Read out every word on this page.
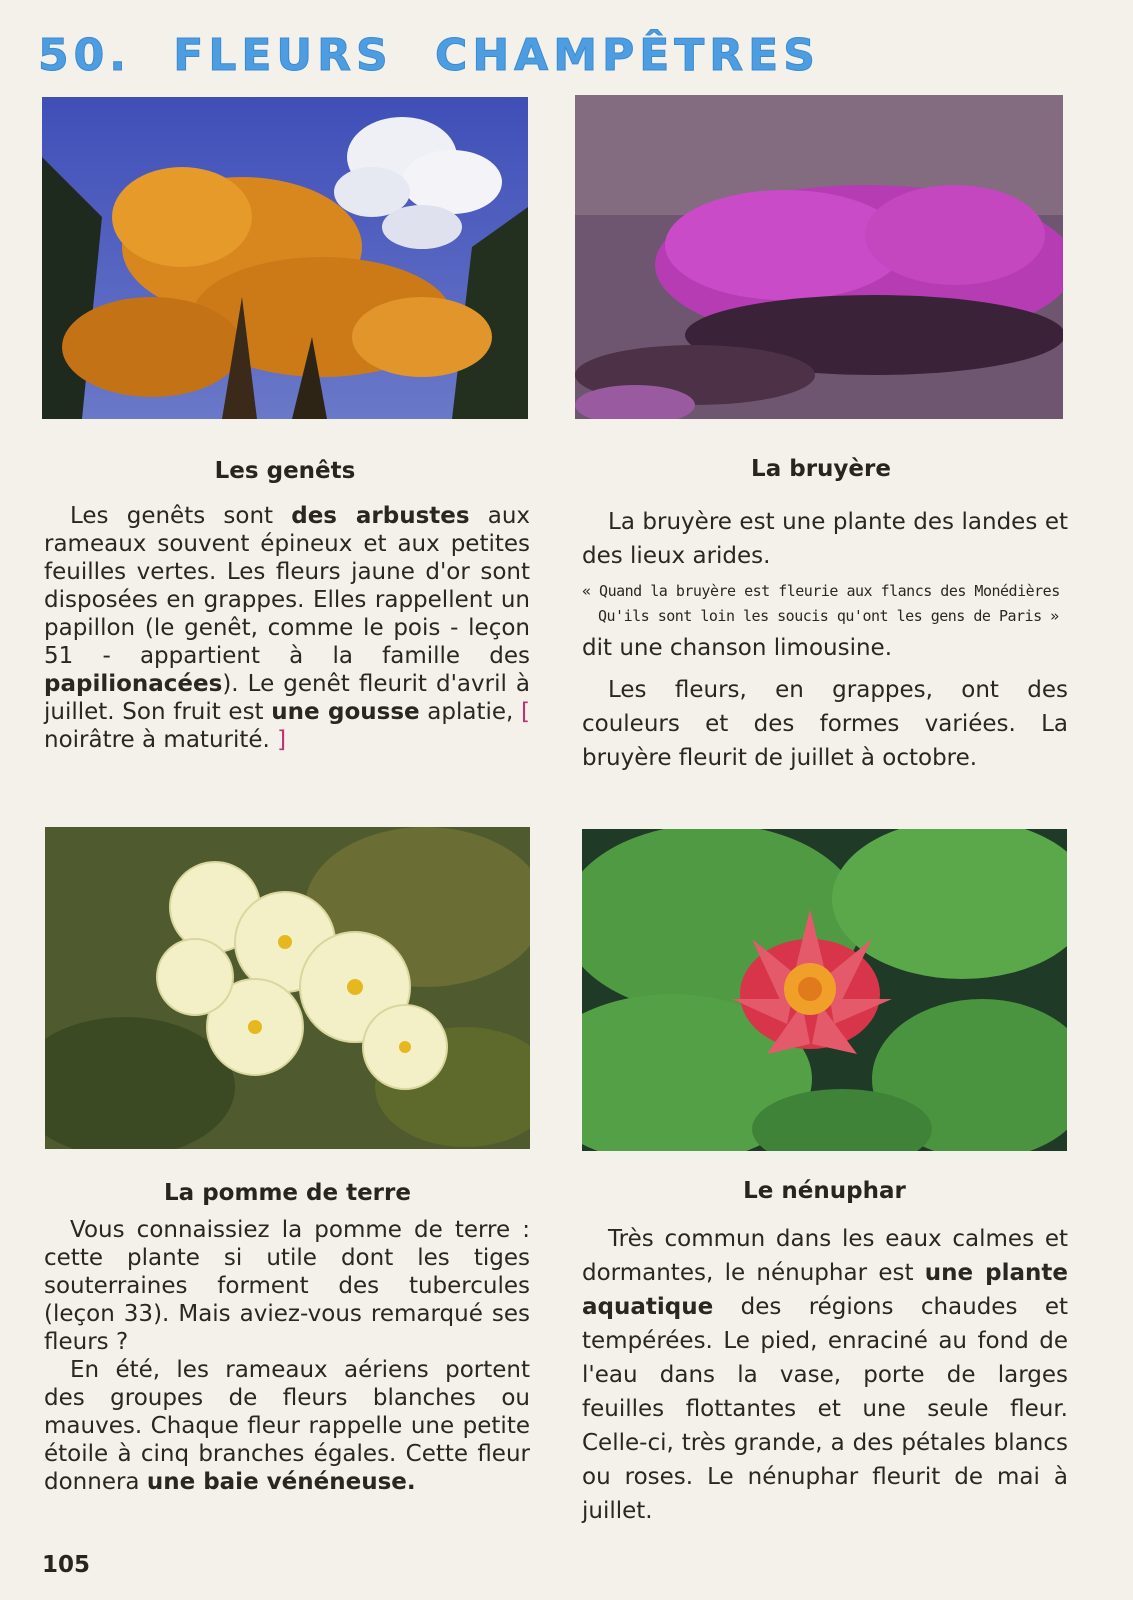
50. FLEURS CHAMPÊTRES
Les genêts

Les genêts sont des arbustes aux rameaux souvent épineux et aux petites feuilles vertes. Les fleurs jaune d'or sont disposées en grappes. Elles rappellent un papillon (le genêt, comme le pois - leçon 51 - appartient à la famille des papilionacées). Le genêt fleurit d'avril à juillet. Son fruit est une gousse aplatie, [ noirâtre à maturité. ]

La bruyère

La bruyère est une plante des landes et des lieux arides.

« Quand la bruyère est fleurie aux flancs des Monédières
Qu'ils sont loin les soucis qu'ont les gens de Paris »

dit une chanson limousine.

Les fleurs, en grappes, ont des couleurs et des formes variées. La bruyère fleurit de juillet à octobre.

La pomme de terre

Vous connaissiez la pomme de terre : cette plante si utile dont les tiges souterraines forment des tubercules (leçon 33). Mais aviez-vous remarqué ses fleurs ?

En été, les rameaux aériens portent des groupes de fleurs blanches ou mauves. Chaque fleur rappelle une petite étoile à cinq branches égales. Cette fleur donnera une baie vénéneuse.

Le nénuphar

Très commun dans les eaux calmes et dormantes, le nénuphar est une plante aquatique des régions chaudes et tempérées. Le pied, enraciné au fond de l'eau dans la vase, porte de larges feuilles flottantes et une seule fleur. Celle-ci, très grande, a des pétales blancs ou roses. Le nénuphar fleurit de mai à juillet.

105
